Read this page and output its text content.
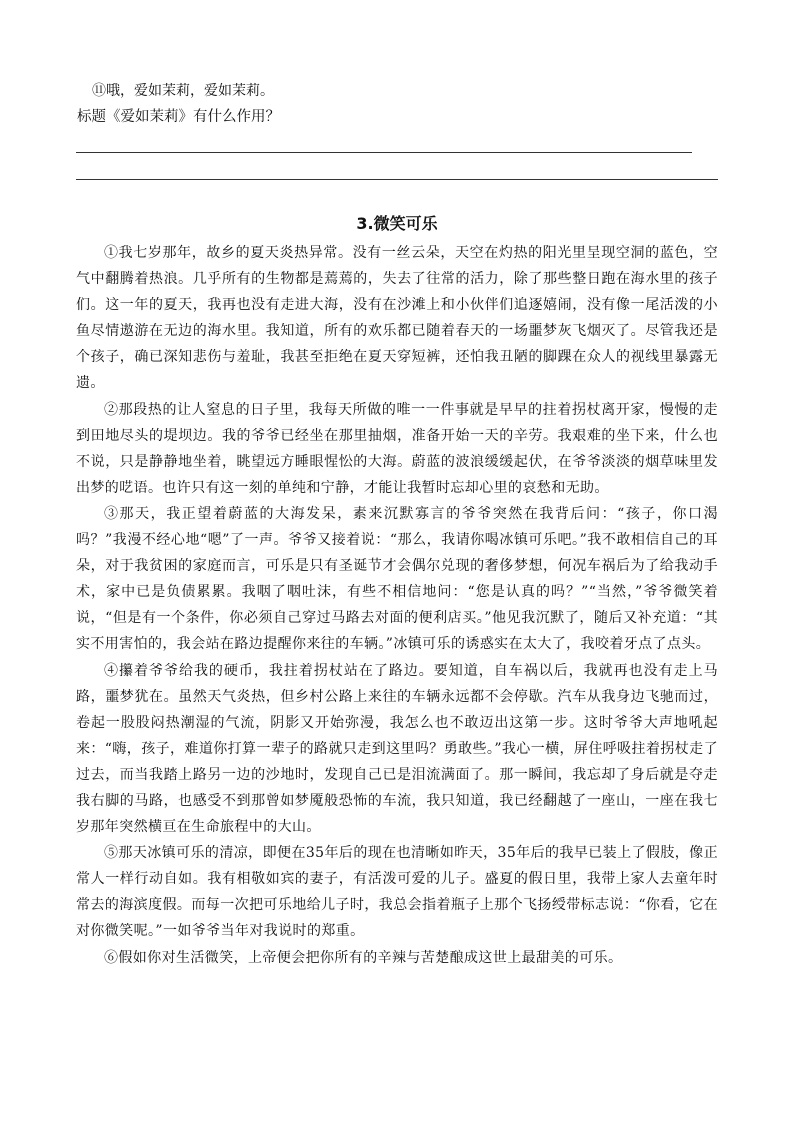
⑪哦，爱如茉莉，爱如茉莉。
标题《爱如茉莉》有什么作用？
3.微笑可乐

①我七岁那年，故乡的夏天炎热异常。没有一丝云朵，天空在灼热的阳光里呈现空洞的蓝色，空气中翻腾着热浪。几乎所有的生物都是蔫蔫的，失去了往常的活力，除了那些整日跑在海水里的孩子们。这一年的夏天，我再也没有走进大海，没有在沙滩上和小伙伴们追逐嬉闹，没有像一尾活泼的小鱼尽情遨游在无边的海水里。我知道，所有的欢乐都已随着春天的一场噩梦灰飞烟灭了。尽管我还是个孩子，确已深知悲伤与羞耻，我甚至拒绝在夏天穿短裤，还怕我丑陋的脚踝在众人的视线里暴露无遗。

②那段热的让人窒息的日子里，我每天所做的唯一一件事就是早早的拄着拐杖离开家，慢慢的走到田地尽头的堤坝边。我的爷爷已经坐在那里抽烟，准备开始一天的辛劳。我艰难的坐下来，什么也不说，只是静静地坐着，眺望远方睡眼惺忪的大海。蔚蓝的波浪缓缓起伏，在爷爷淡淡的烟草味里发出梦的呓语。也许只有这一刻的单纯和宁静，才能让我暂时忘却心里的哀愁和无助。

③那天，我正望着蔚蓝的大海发呆，素来沉默寡言的爷爷突然在我背后问：“孩子，你口渴吗？”我漫不经心地“嗯”了一声。爷爷又接着说：“那么，我请你喝冰镇可乐吧。”我不敢相信自己的耳朵，对于我贫困的家庭而言，可乐是只有圣诞节才会偶尔兑现的奢侈梦想，何况车祸后为了给我动手术，家中已是负债累累。我咽了咽吐沫，有些不相信地问：“您是认真的吗？”“当然，”爷爷微笑着说，“但是有一个条件，你必须自己穿过马路去对面的便利店买。”他见我沉默了，随后又补充道：“其实不用害怕的，我会站在路边提醒你来往的车辆。”冰镇可乐的诱惑实在太大了，我咬着牙点了点头。

④攥着爷爷给我的硬币，我拄着拐杖站在了路边。要知道，自车祸以后，我就再也没有走上马路，噩梦犹在。虽然天气炎热，但乡村公路上来往的车辆永远都不会停歇。汽车从我身边飞驰而过，卷起一股股闷热潮湿的气流，阴影又开始弥漫，我怎么也不敢迈出这第一步。这时爷爷大声地吼起来：“嗨，孩子，难道你打算一辈子的路就只走到这里吗？勇敢些。”我心一横，屏住呼吸拄着拐杖走了过去，而当我踏上路另一边的沙地时，发现自己已是泪流满面了。那一瞬间，我忘却了身后就是夺走我右脚的马路，也感受不到那曾如梦魇般恐怖的车流，我只知道，我已经翻越了一座山，一座在我七岁那年突然横亘在生命旅程中的大山。

⑤那天冰镇可乐的清凉，即便在35年后的现在也清晰如昨天，35年后的我早已装上了假肢，像正常人一样行动自如。我有相敬如宾的妻子，有活泼可爱的儿子。盛夏的假日里，我带上家人去童年时常去的海滨度假。而每一次把可乐地给儿子时，我总会指着瓶子上那个飞扬绶带标志说：“你看，它在对你微笑呢。”一如爷爷当年对我说时的郑重。

⑥假如你对生活微笑，上帝便会把你所有的辛辣与苦楚酿成这世上最甜美的可乐。
